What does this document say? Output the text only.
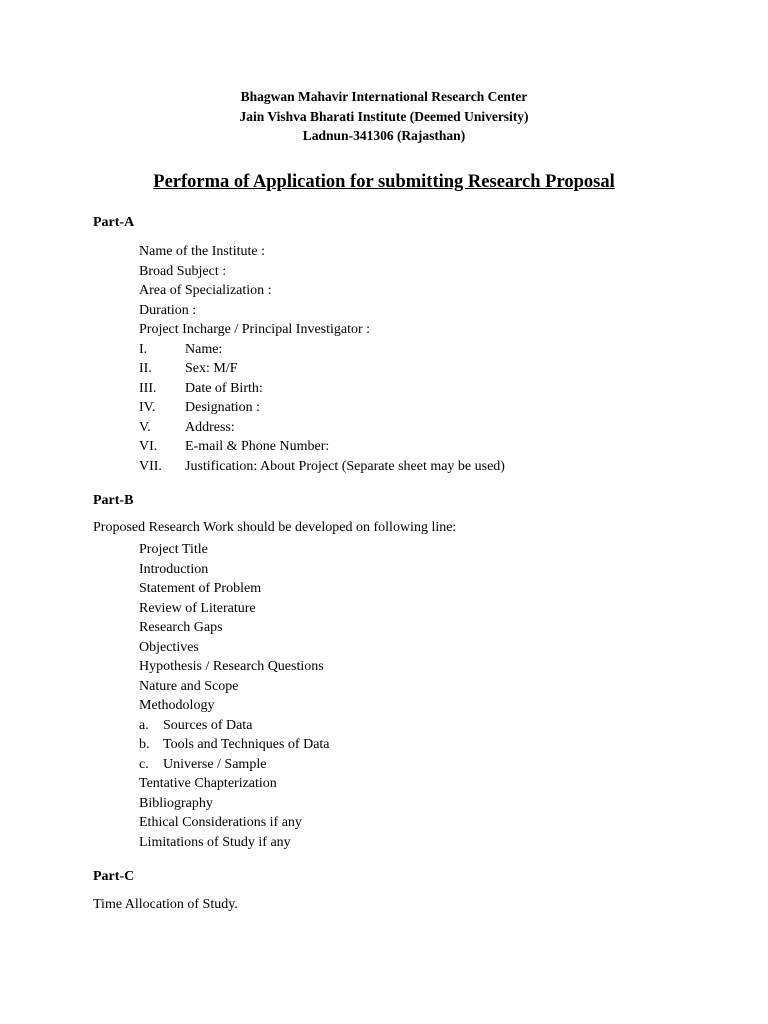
Bhagwan Mahavir International Research Center
Jain Vishva Bharati Institute (Deemed University)
Ladnun-341306 (Rajasthan)
Performa of Application for submitting Research Proposal
Part-A
Name of the Institute :
Broad Subject :
Area of Specialization :
Duration :
Project Incharge / Principal Investigator :
I.	Name:
II. Sex: M/F
III. Date of Birth:
IV. Designation :
V. Address:
VI. E-mail & Phone Number:
VII. Justification: About Project (Separate sheet may be used)
Part-B
Proposed Research Work should be developed on following line:
Project Title
Introduction
Statement of Problem
Review of Literature
Research Gaps
Objectives
Hypothesis / Research Questions
Nature and Scope
Methodology
a. Sources of Data
b. Tools and Techniques of Data
c. Universe / Sample
Tentative Chapterization
Bibliography
Ethical Considerations if any
Limitations of Study if any
Part-C
Time Allocation of Study.
